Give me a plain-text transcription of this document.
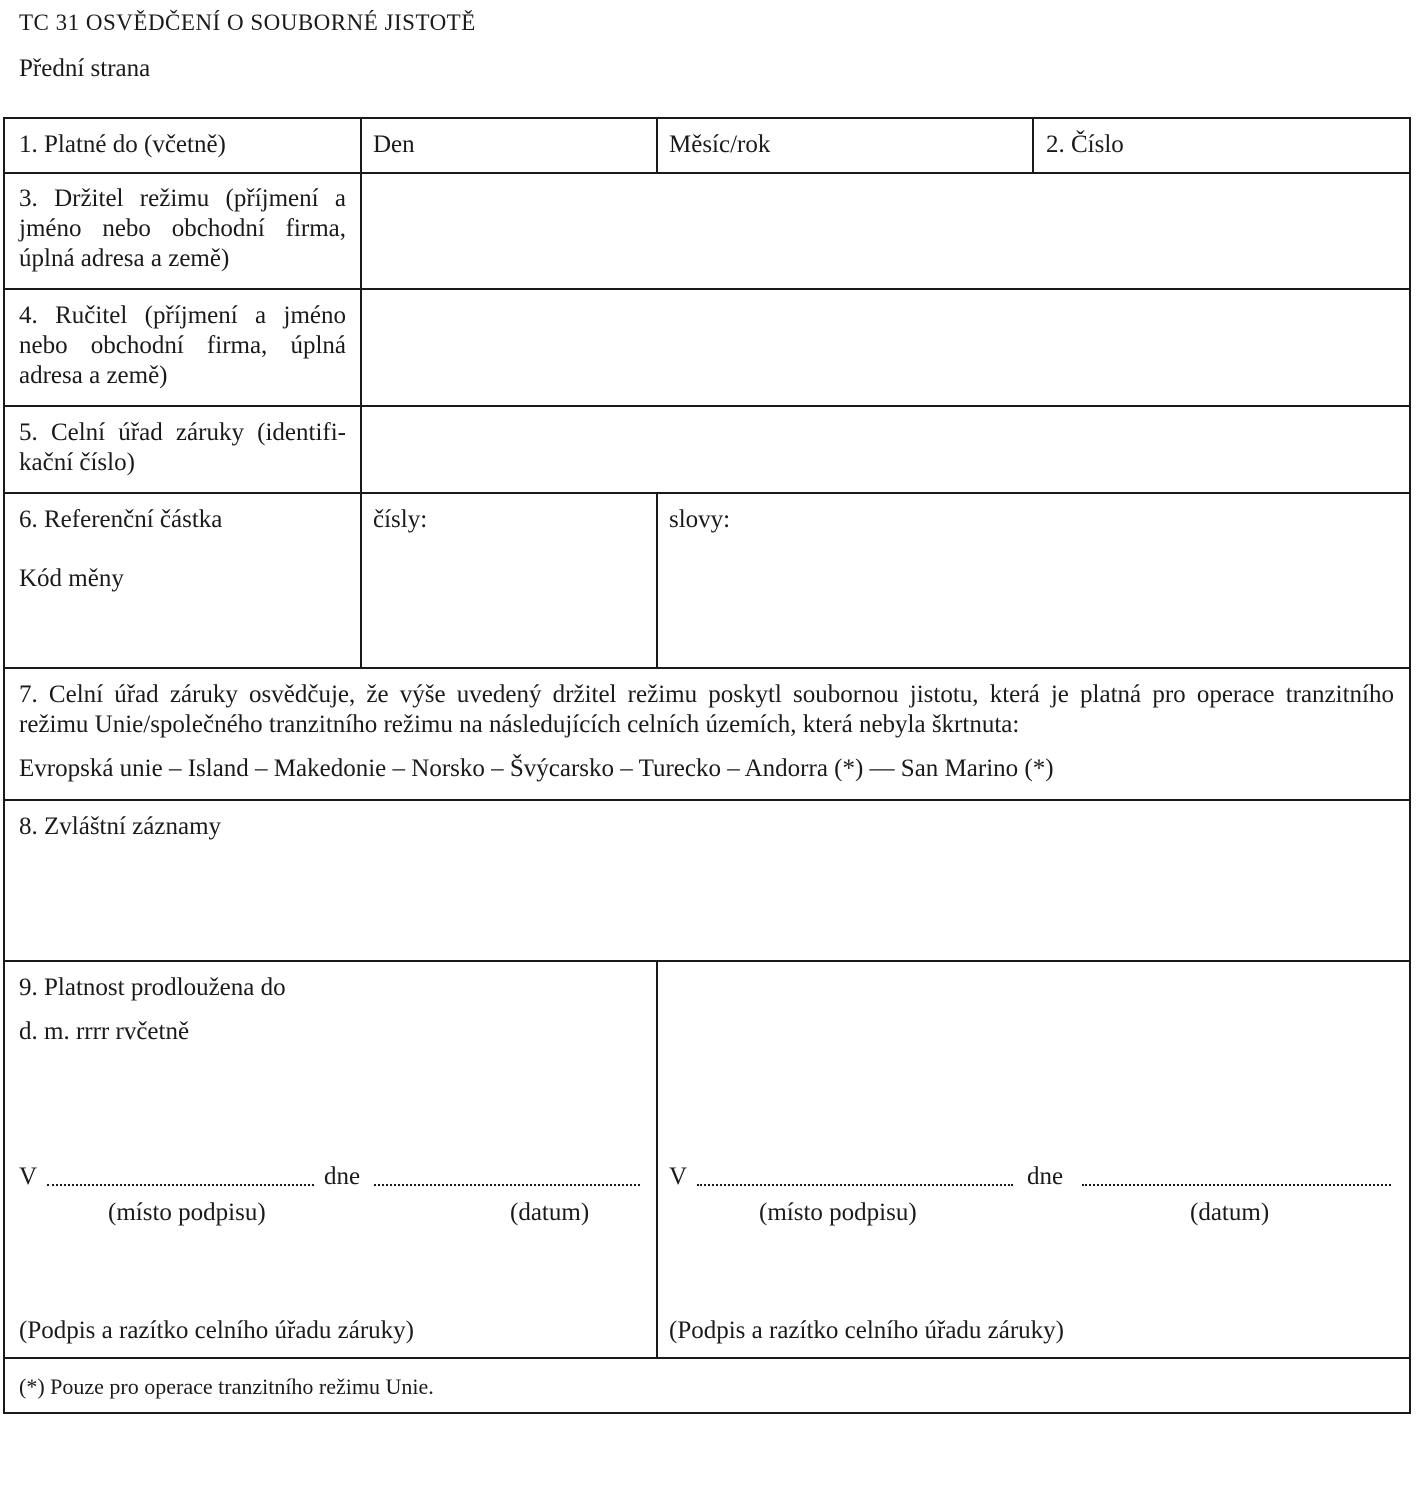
TC 31 OSVĚDČENÍ O SOUBORNÉ JISTOTĚ
Přední strana
1. Platné do (včetně)	Den	Měsíc/rok	2. Číslo
3. Držitel režimu (příjmení a
jméno nebo obchodní firma,
úplná adresa a země)
4. Ručitel (příjmení a jméno
nebo obchodní firma, úplná
adresa a země)
5. Celní úřad záruky (identifi-
kační číslo)
6. Referenční částka
Kód měny
čísly:	slovy:
7. Celní úřad záruky osvědčuje, že výše uvedený držitel režimu poskytl soubornou jistotu, která je platná pro operace tranzitního
režimu Unie/společného tranzitního režimu na následujících celních územích, která nebyla škrtnuta:
Evropská unie – Island – Makedonie – Norsko – Švýcarsko – Turecko – Andorra (*) — San Marino (*)
8. Zvláštní záznamy
9. Platnost prodloužena do
d. m. rrrr rvčetně
V	dne
(místo podpisu)	(datum)
(Podpis a razítko celního úřadu záruky)
V	dne
(místo podpisu)	(datum)
(Podpis a razítko celního úřadu záruky)
(*) Pouze pro operace tranzitního režimu Unie.
